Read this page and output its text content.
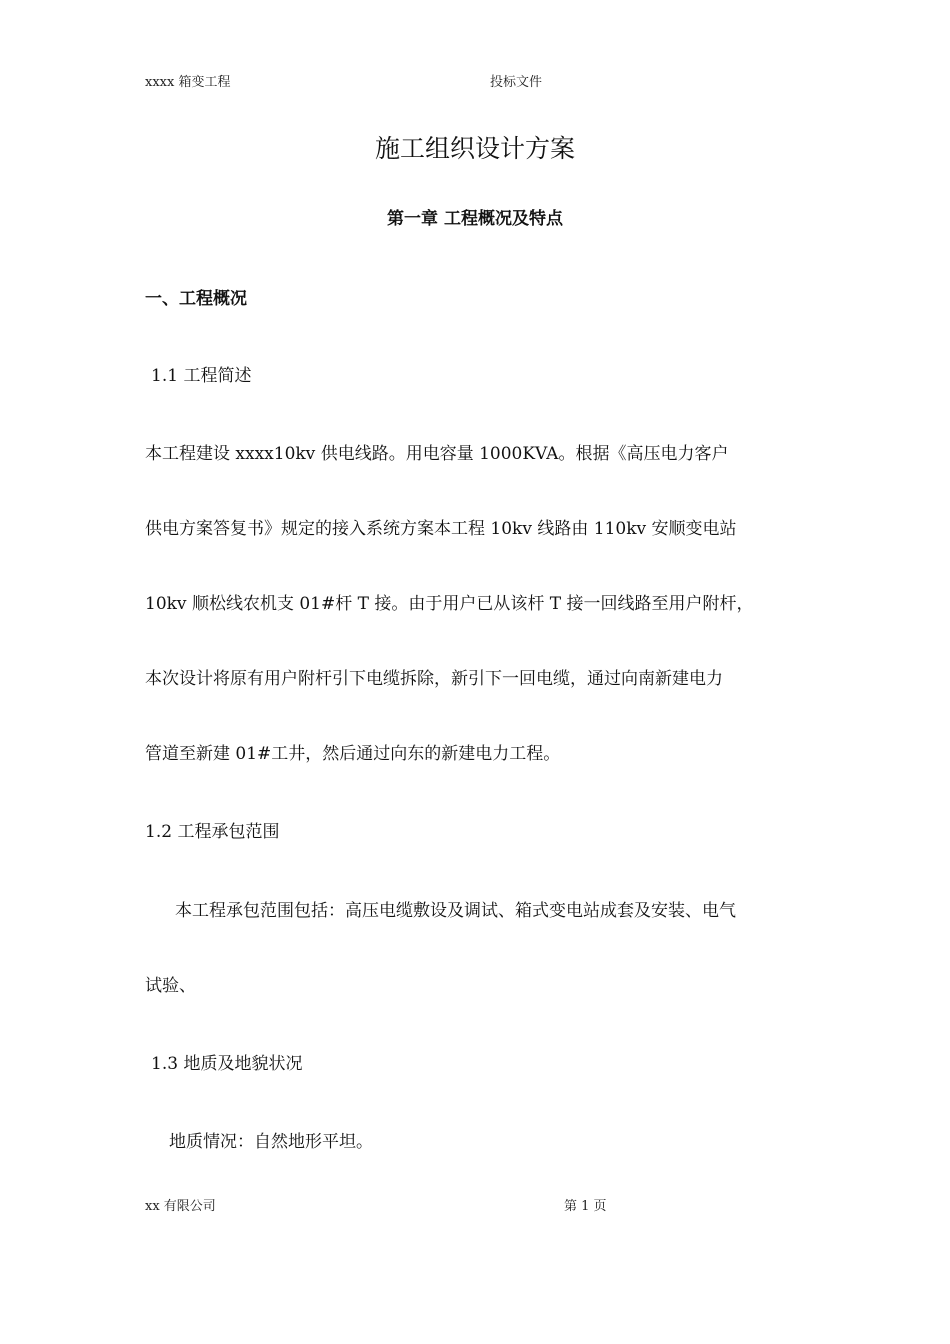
xxxx 箱变工程	投标文件
施工组织设计方案
第一章 工程概况及特点
一、工程概况
1.1 工程简述
本工程建设 xxxx10kv 供电线路。用电容量 1000KVA。根据《高压电力客户
供电方案答复书》规定的接入系统方案本工程 10kv 线路由 110kv 安顺变电站
10kv 顺松线农机支 01#杆 T 接。由于用户已从该杆 T 接一回线路至用户附杆，
本次设计将原有用户附杆引下电缆拆除，新引下一回电缆，通过向南新建电力
管道至新建 01#工井，然后通过向东的新建电力工程。
1.2 工程承包范围
本工程承包范围包括：高压电缆敷设及调试、箱式变电站成套及安装、电气
试验、
1.3 地质及地貌状况
地质情况：自然地形平坦。
xx 有限公司	第 1 页
